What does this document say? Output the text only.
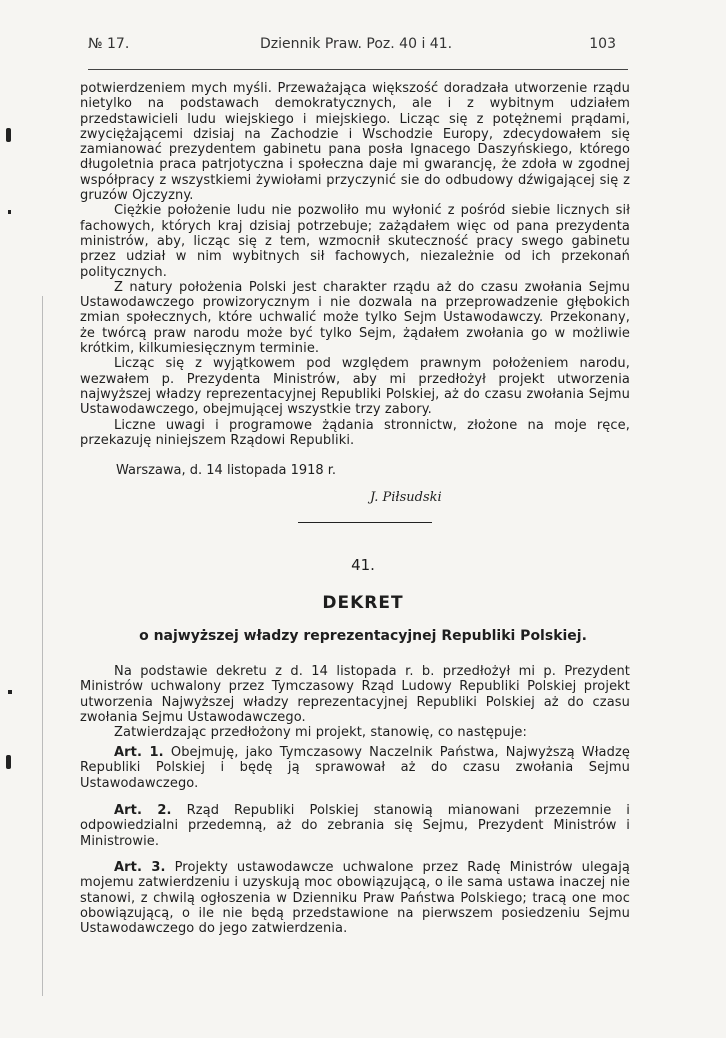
№ 17.	Dziennik Praw. Poz. 40 i 41.	103

potwierdzeniem mych myśli. Przeważająca większość doradzała utworzenie rządu nietylko na podstawach demokratycznych, ale i z wybitnym udziałem przedstawicieli ludu wiejskiego i miejskiego. Licząc się z potężnemi prądami, zwyciężającemi dzisiaj na Zachodzie i Wschodzie Europy, zdecydowałem się zamianować prezydentem gabinetu pana posła Ignacego Daszyńskiego, którego długoletnia praca patrjotyczna i społeczna daje mi gwarancję, że zdoła w zgodnej współpracy z wszystkiemi żywiołami przyczynić sie do odbudowy dźwigającej się z gruzów Ojczyzny.

Ciężkie położenie ludu nie pozwoliło mu wyłonić z pośród siebie licznych sił fachowych, których kraj dzisiaj potrzebuje; zażądałem więc od pana prezydenta ministrów, aby, licząc się z tem, wzmocnił skuteczność pracy swego gabinetu przez udział w nim wybitnych sił fachowych, niezależnie od ich przekonań politycznych.

Z natury położenia Polski jest charakter rządu aż do czasu zwołania Sejmu Ustawodawczego prowizorycznym i nie dozwala na przeprowadzenie głębokich zmian społecznych, które uchwalić może tylko Sejm Ustawodawczy. Przekonany, że twórcą praw narodu może być tylko Sejm, żądałem zwołania go w możliwie krótkim, kilkumiesięcznym terminie.

Licząc się z wyjątkowem pod względem prawnym położeniem narodu, wezwałem p. Prezydenta Ministrów, aby mi przedłożył projekt utworzenia najwyższej władzy reprezentacyjnej Republiki Polskiej, aż do czasu zwołania Sejmu Ustawodawczego, obejmującej wszystkie trzy zabory.

Liczne uwagi i programowe żądania stronnictw, złożone na moje ręce, przekazuję niniejszem Rządowi Republiki.

Warszawa, d. 14 listopada 1918 r.
J. Piłsudski
41.
DEKRET
o najwyższej władzy reprezentacyjnej Republiki Polskiej.

Na podstawie dekretu z d. 14 listopada r. b. przedłożył mi p. Prezydent Ministrów uchwalony przez Tymczasowy Rząd Ludowy Republiki Polskiej projekt utworzenia Najwyższej władzy reprezentacyjnej Republiki Polskiej aż do czasu zwołania Sejmu Ustawodawczego.

Zatwierdzając przedłożony mi projekt, stanowię, co następuje:

Art. 1. Obejmuję, jako Tymczasowy Naczelnik Państwa, Najwyższą Władzę Republiki Polskiej i będę ją sprawował aż do czasu zwołania Sejmu Ustawodawczego.

Art. 2. Rząd Republiki Polskiej stanowią mianowani przezemnie i odpowiedzialni przedemną, aż do zebrania się Sejmu, Prezydent Ministrów i Ministrowie.

Art. 3. Projekty ustawodawcze uchwalone przez Radę Ministrów ulegają mojemu zatwierdzeniu i uzyskują moc obowiązującą, o ile sama ustawa inaczej nie stanowi, z chwilą ogłoszenia w Dzienniku Praw Państwa Polskiego; tracą one moc obowiązującą, o ile nie będą przedstawione na pierwszem posiedzeniu Sejmu Ustawodawczego do jego zatwierdzenia.
